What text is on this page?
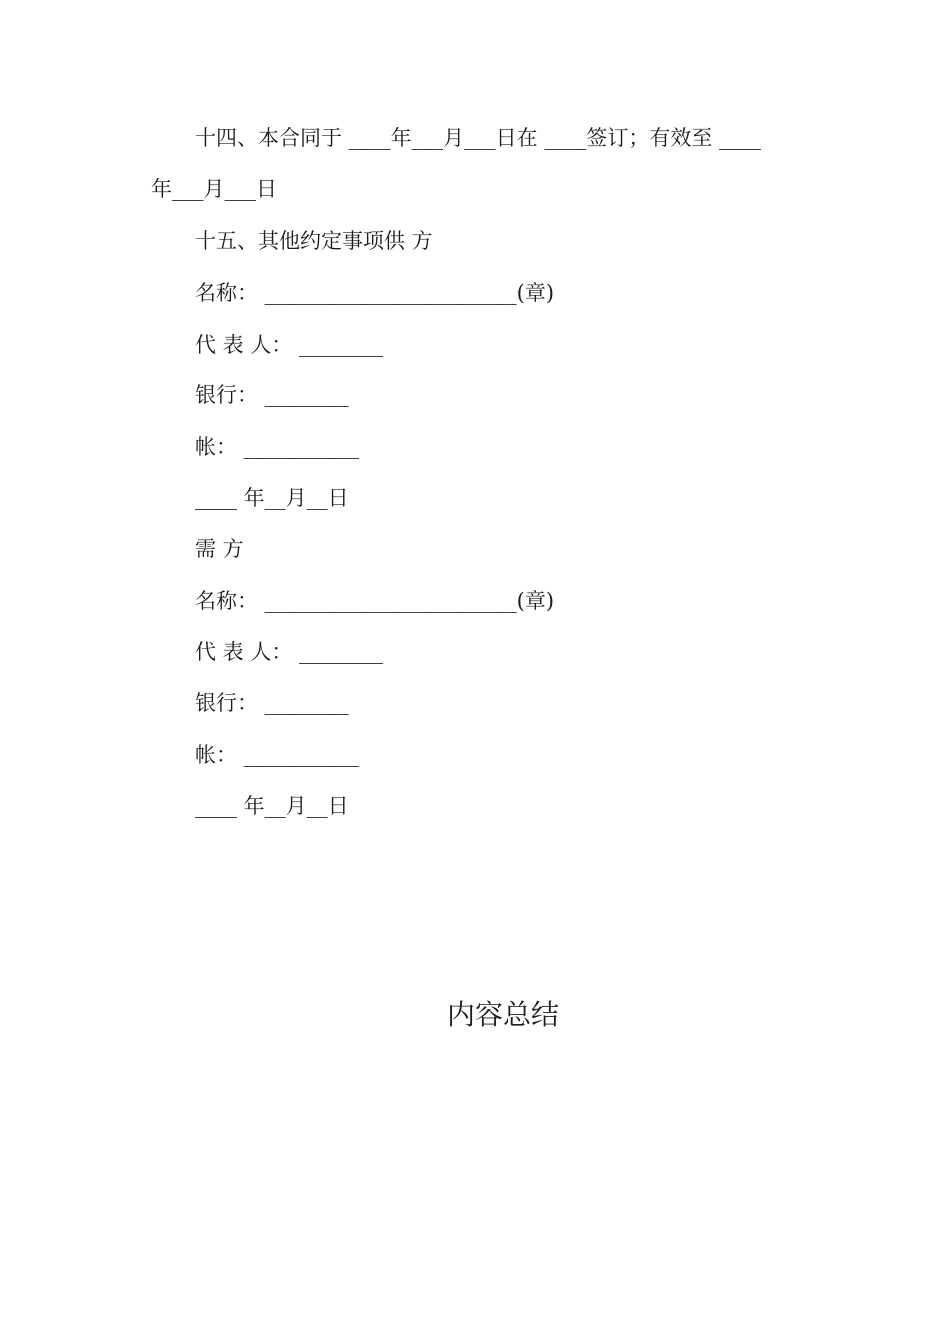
十四、本合同于 ____年___月___日在 ____签订；有效至 ____
年___月___日
十五、其他约定事项供 方
名称： ________________________(章)
代 表 人： ________
银行： ________
帐： ___________
____ 年__月__日
需 方
名称： ________________________(章)
代 表 人： ________
银行： ________
帐： ___________
____ 年__月__日
内容总结
